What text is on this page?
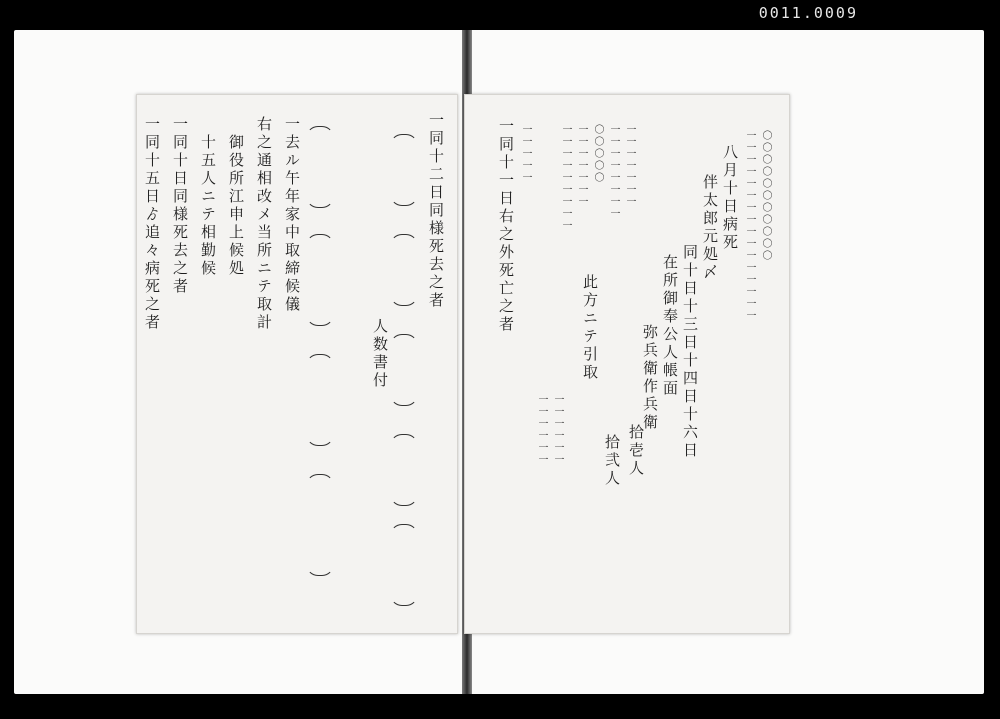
0011.0009
一同十二日同様死去之者
人数書付
一去ル午年家中取締候儀
右之通相改メ当所ニテ取計
御役所江申上候処
十五人ニテ相勤候
一同十日同様死去之者
一同十五日ゟ追々病死之者	〇〇〇〇〇〇〇〇〇〇〇
一一一一一一一一一一一一一一一一
八月十日病死
伴太郎元処〆
同十日十三日十四日十六日
在所御奉公人帳面
弥兵衛作兵衛
一一一一一一一
一一一一一一一一
〇〇〇〇〇
一一一一一一一
一一一一一一一一一
拾壱人
拾弐人
此方ニテ引取
一一一一一一
一一一一一一
一一一一一
一同十一日右之外死亡之者
